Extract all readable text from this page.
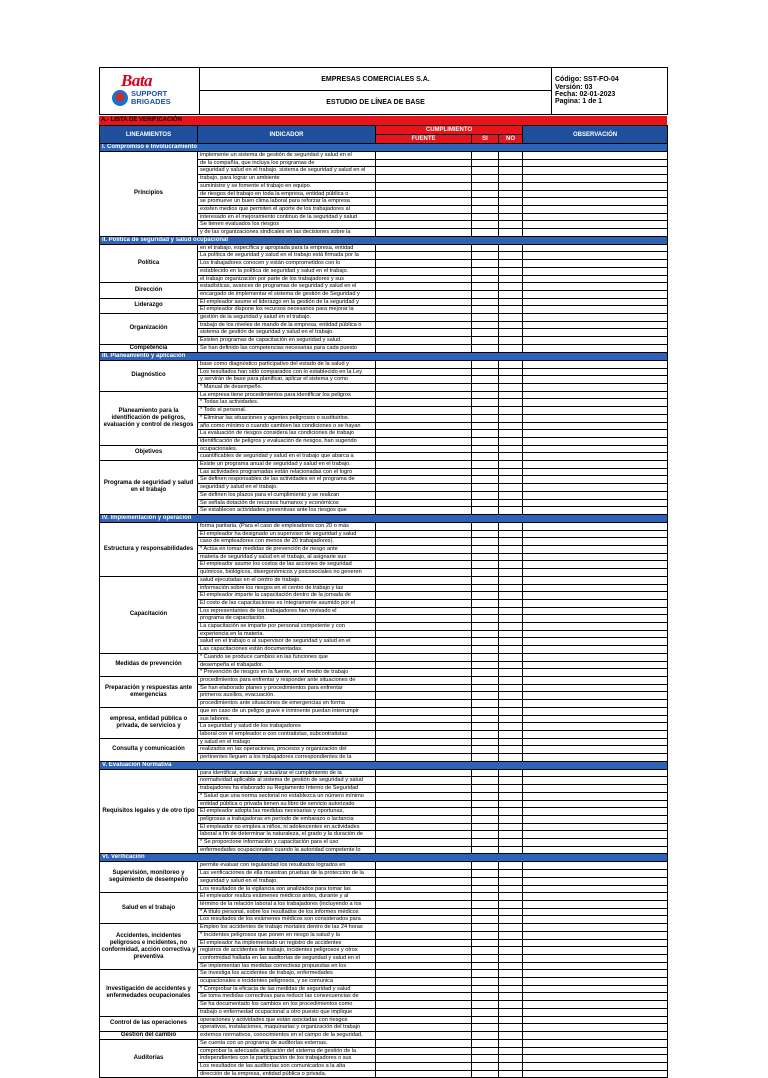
Bata
SUPPORT
BRIGADES
	EMPRESAS COMERCIALES S.A.	Código: SST-FO-04
Versión: 03
Fecha: 02-01-2023
Pagina: 1 de 1

ESTUDIO DE LÍNEA DE BASE
A.- LISTA DE VERIFICACIÓN
LINEAMIENTOS	INDICADOR	CUMPLIMIENTO			OBSERVACIÓN
		FUENTE	SI	NO	
I. Compromiso e Involucramiento					
Principios	implemente un sistema de gestión de seguridad y salud en el				
	de la compañía, que incluya los programas de				
	seguridad y salud en el trabajo. sistema de seguridad y salud en el				
	trabajo, para lograr un ambiente				
	suministre y se fomente el trabajo en equipo.				
	de riesgos del trabajo en toda la empresa, entidad pública o				
	se promueve un buen clima laboral para reforzar la empresa				
	existen medios que permiten el aporte de los trabajadores al				
	interesado en el mejoramiento continuo de la seguridad y salud				
	Se tienen evaluados los riesgos				
	y de las organizaciones sindicales en las decisiones sobre la				
II. Política de seguridad y salud ocupacional					
Política	en el trabajo, específica y apropiada para la empresa, entidad				
	La política de seguridad y salud en el trabajo está firmada por la				
	Los trabajadores conocen y están comprometidos con lo				
	establecido en la política de seguridad y salud en el trabajo.				
	el trabajo organización por parte de los trabajadores y sus				
Dirección	estadísticas, avances de programas de seguridad y salud en el				
	encargado de implementar el sistema de gestión de Seguridad y				
Liderazgo	El empleador asume el liderazgo en la gestión de la seguridad y				
	El empleador dispone los recursos necesarios para mejorar la				
Organización	gestión de la seguridad y salud en el trabajo.				
	trabajo de los niveles de mando de la empresa, entidad pública o				
	sistema de gestión de seguridad y salud en el trabajo.				
	Existen programas de capacitación en seguridad y salud.				
Competencia	Se han definido las competencias necesarias para cada puesto				
III. Planeamiento y aplicación					
Diagnóstico	base como diagnóstico participativo del estado de la salud y				
	Los resultados han sido comparados con lo establecido en la Ley				
	y servirán de base para planificar, aplicar el sistema y como				
	* Manual de desempeño.				
Planeamiento para la identificación de peligros, evaluación y control de riesgos	La empresa tiene procedimientos para identificar los peligros				
	* Todas las actividades.				
	* Todo el personal.				
	* Eliminar las situaciones y agentes peligrosos o sustituirlos.				
	año como mínimo o cuando cambien las condiciones o se hayan				
	La evaluación de riesgos considera las condiciones de trabajo				
	identificación de peligros y evaluación de riesgos, han sugerido				
Objetivos	ocupacionales.				
	cuantificables de seguridad y salud en el trabajo que abarca a				
Programa de seguridad y salud en el trabajo	Existe un programa anual de seguridad y salud en el trabajo.				
	Las actividades programadas están relacionadas con el logro				
	Se definen responsables de las actividades en el programa de				
	seguridad y salud en el trabajo.				
	Se definen los plazos para el cumplimiento y se realizan				
	Se señala dotación de recursos humanos y económicos				
	Se establecen actividades preventivas ante los riesgos que				
IV. Implementación y operación					
Estructura y responsabilidades	forma paritaria. (Para el caso de empleadores con 20 o más				
	El empleador ha designado un supervisor de seguridad y salud				
	caso de empleadores con menos de 20 trabajadores).				
	* Actúa en tomar medidas de prevención de riesgo ante				
	materia de seguridad y salud en el trabajo, al asignarle sus				
	El empleador asume los costos de las acciones de seguridad				
	químicos, biológicos, disergonómicos y psicosociales no generen				
Capacitación	salud ejecutadas en el centro de trabajo.				
	información sobre los riesgos en el centro de trabajo y las				
	El empleador imparte la capacitación dentro de la jornada de				
	El costo de las capacitaciones es íntegramente asumido por el				
	Los representantes de los trabajadores han revisado el				
	programa de capacitación.				
	La capacitación se imparte por personal competente y con				
	experiencia en la materia.				
	salud en el trabajo o al supervisor de seguridad y salud en el				
	Las capacitaciones están documentadas.				
Medidas de prevención	* Cuando se produce cambios en las funciones que				
	desempeña el trabajador.				
	* Prevención de riesgos en la fuente, en el medio de trabajo				
Preparación y respuestas ante emergencias	procedimientos para enfrentar y responder ante situaciones de				
	Se han elaborado planes y procedimientos para enfrentar				
	primeros auxilios, evacuación.				
	procedimientos ante situaciones de emergencias en forma				
empresa, entidad pública o privada, de servicios y	que en caso de un peligro grave e inminente puedan interrumpir				
	sus labores.				
	La seguridad y salud de los trabajadores				
	laboral con el empleador o con contratistas, subcontratistas				
Consulta y comunicación	y salud en el trabajo				
	realizados en las operaciones, procesos y organización del				
	pertinentes lleguen a los trabajadores correspondientes de la				
V. Evaluación Normativa					
Requisitos legales y de otro tipo	para identificar, evaluar y actualizar el cumplimiento de la				
	normatividad aplicable al sistema de gestión de seguridad y salud				
	trabajadores ha elaborado su Reglamento Interno de Seguridad				
	* Salud que una norma sectorial no establezca un número mínimo				
	entidad pública o privada tienen su libro de servicio autorizado				
	El empleador adopta las medidas necesarias y oportunas,				
	peligrosas a trabajadoras en período de embarazo o lactancia				
	El empleador no emplea a niños, ni adolescentes en actividades				
	laboral a fin de determinar la naturaleza, el grado y la duración de				
	* Se proporcione información y capacitación para el uso				
	enfermedades ocupacionales cuando la autoridad competente lo				
VI. Verificación					
Supervisión, monitoreo y seguimiento de desempeño	permite evaluar con regularidad los resultados logrados en				
	Las verificaciones de ella muestran pruebas de la protección de la				
	seguridad y salud en el trabajo.				
	Los resultados de la vigilancia son analizados para tomar las				
Salud en el trabajo	El empleador realiza exámenes médicos antes, durante y al				
	término de la relación laboral a los trabajadores (incluyendo a los				
	* A título personal, sobre los resultados de los informes médicos				
	Los resultados de los exámenes médicos son considerados para				
Accidentes, incidentes peligrosos e incidentes, no conformidad, acción correctiva y preventiva	Empleo los accidentes de trabajo mortales dentro de las 24 horas				
	* Incidentes peligrosos que ponen en riesgo la salud y la				
	El empleador ha implementado un registro de accidentes				
	registros de accidentes de trabajo, incidentes peligrosos y otros				
	conformidad hallada en las auditorías de seguridad y salud en el				
	Se implementan las medidas correctivas propuestas en los				
Investigación de accidentes y enfermedades ocupacionales	Se investiga los accidentes de trabajo, enfermedades				
	ocupacionales e incidentes peligrosos, y se comunica				
	* Comprobar la eficacia de las medidas de seguridad y salud				
	Se toma medidas correctivas para reducir las consecuencias de				
	Se ha documentado los cambios en los procedimientos como				
	trabajo o enfermedad ocupacional a otro puesto que implique				
Control de las operaciones	operaciones y actividades que están asociadas con riesgos				
	operativos, instalaciones, maquinarias y organización del trabajo				
Gestión del cambio	externos normativos, conocimientos en el campo de la seguridad,				
Auditorías	Se cuenta con un programa de auditorías externas.				
	comprobar la adecuada aplicación del sistema de gestión de la				
	independientes con la participación de los trabajadores o sus				
	Los resultados de las auditorías son comunicados a la alta				
	dirección de la empresa, entidad pública o privada.				
